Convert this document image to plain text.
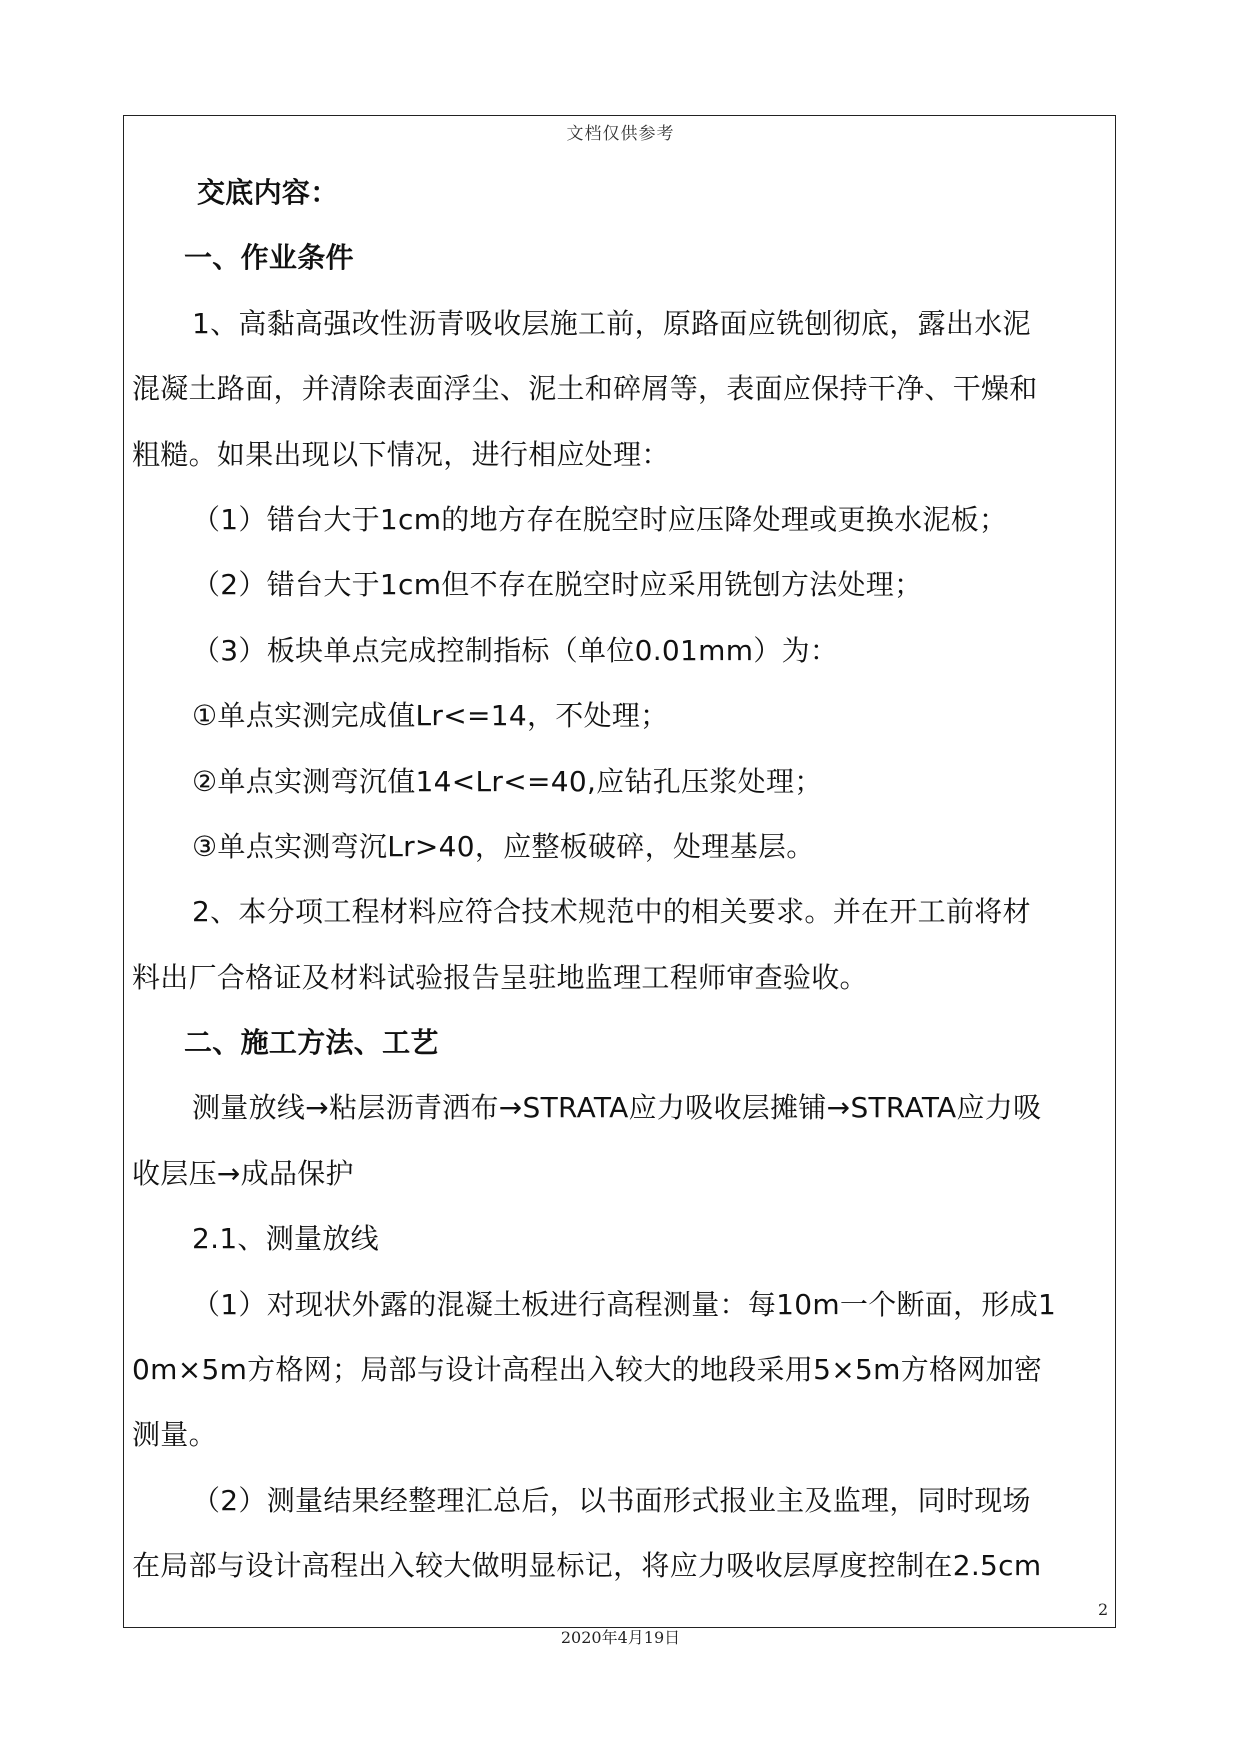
文档仅供参考
交底内容：
一、作业条件
1、高黏高强改性沥青吸收层施工前，原路面应铣刨彻底，露出水泥
混凝土路面，并清除表面浮尘、泥土和碎屑等，表面应保持干净、干燥和
粗糙。如果出现以下情况，进行相应处理：
（1）错台大于1cm的地方存在脱空时应压降处理或更换水泥板；
（2）错台大于1cm但不存在脱空时应采用铣刨方法处理；
（3）板块单点完成控制指标（单位0.01mm）为：
①单点实测完成值Lr<=14，不处理；
②单点实测弯沉值14<Lr<=40,应钻孔压浆处理；
③单点实测弯沉Lr>40，应整板破碎，处理基层。
2、本分项工程材料应符合技术规范中的相关要求。并在开工前将材
料出厂合格证及材料试验报告呈驻地监理工程师审查验收。
二、施工方法、工艺
测量放线→粘层沥青洒布→STRATA应力吸收层摊铺→STRATA应力吸
收层压→成品保护
2.1、测量放线
（1）对现状外露的混凝土板进行高程测量：每10m一个断面，形成1
0m×5m方格网；局部与设计高程出入较大的地段采用5×5m方格网加密
测量。
（2）测量结果经整理汇总后，以书面形式报业主及监理，同时现场
在局部与设计高程出入较大做明显标记，将应力吸收层厚度控制在2.5cm
2
2020年4月19日
